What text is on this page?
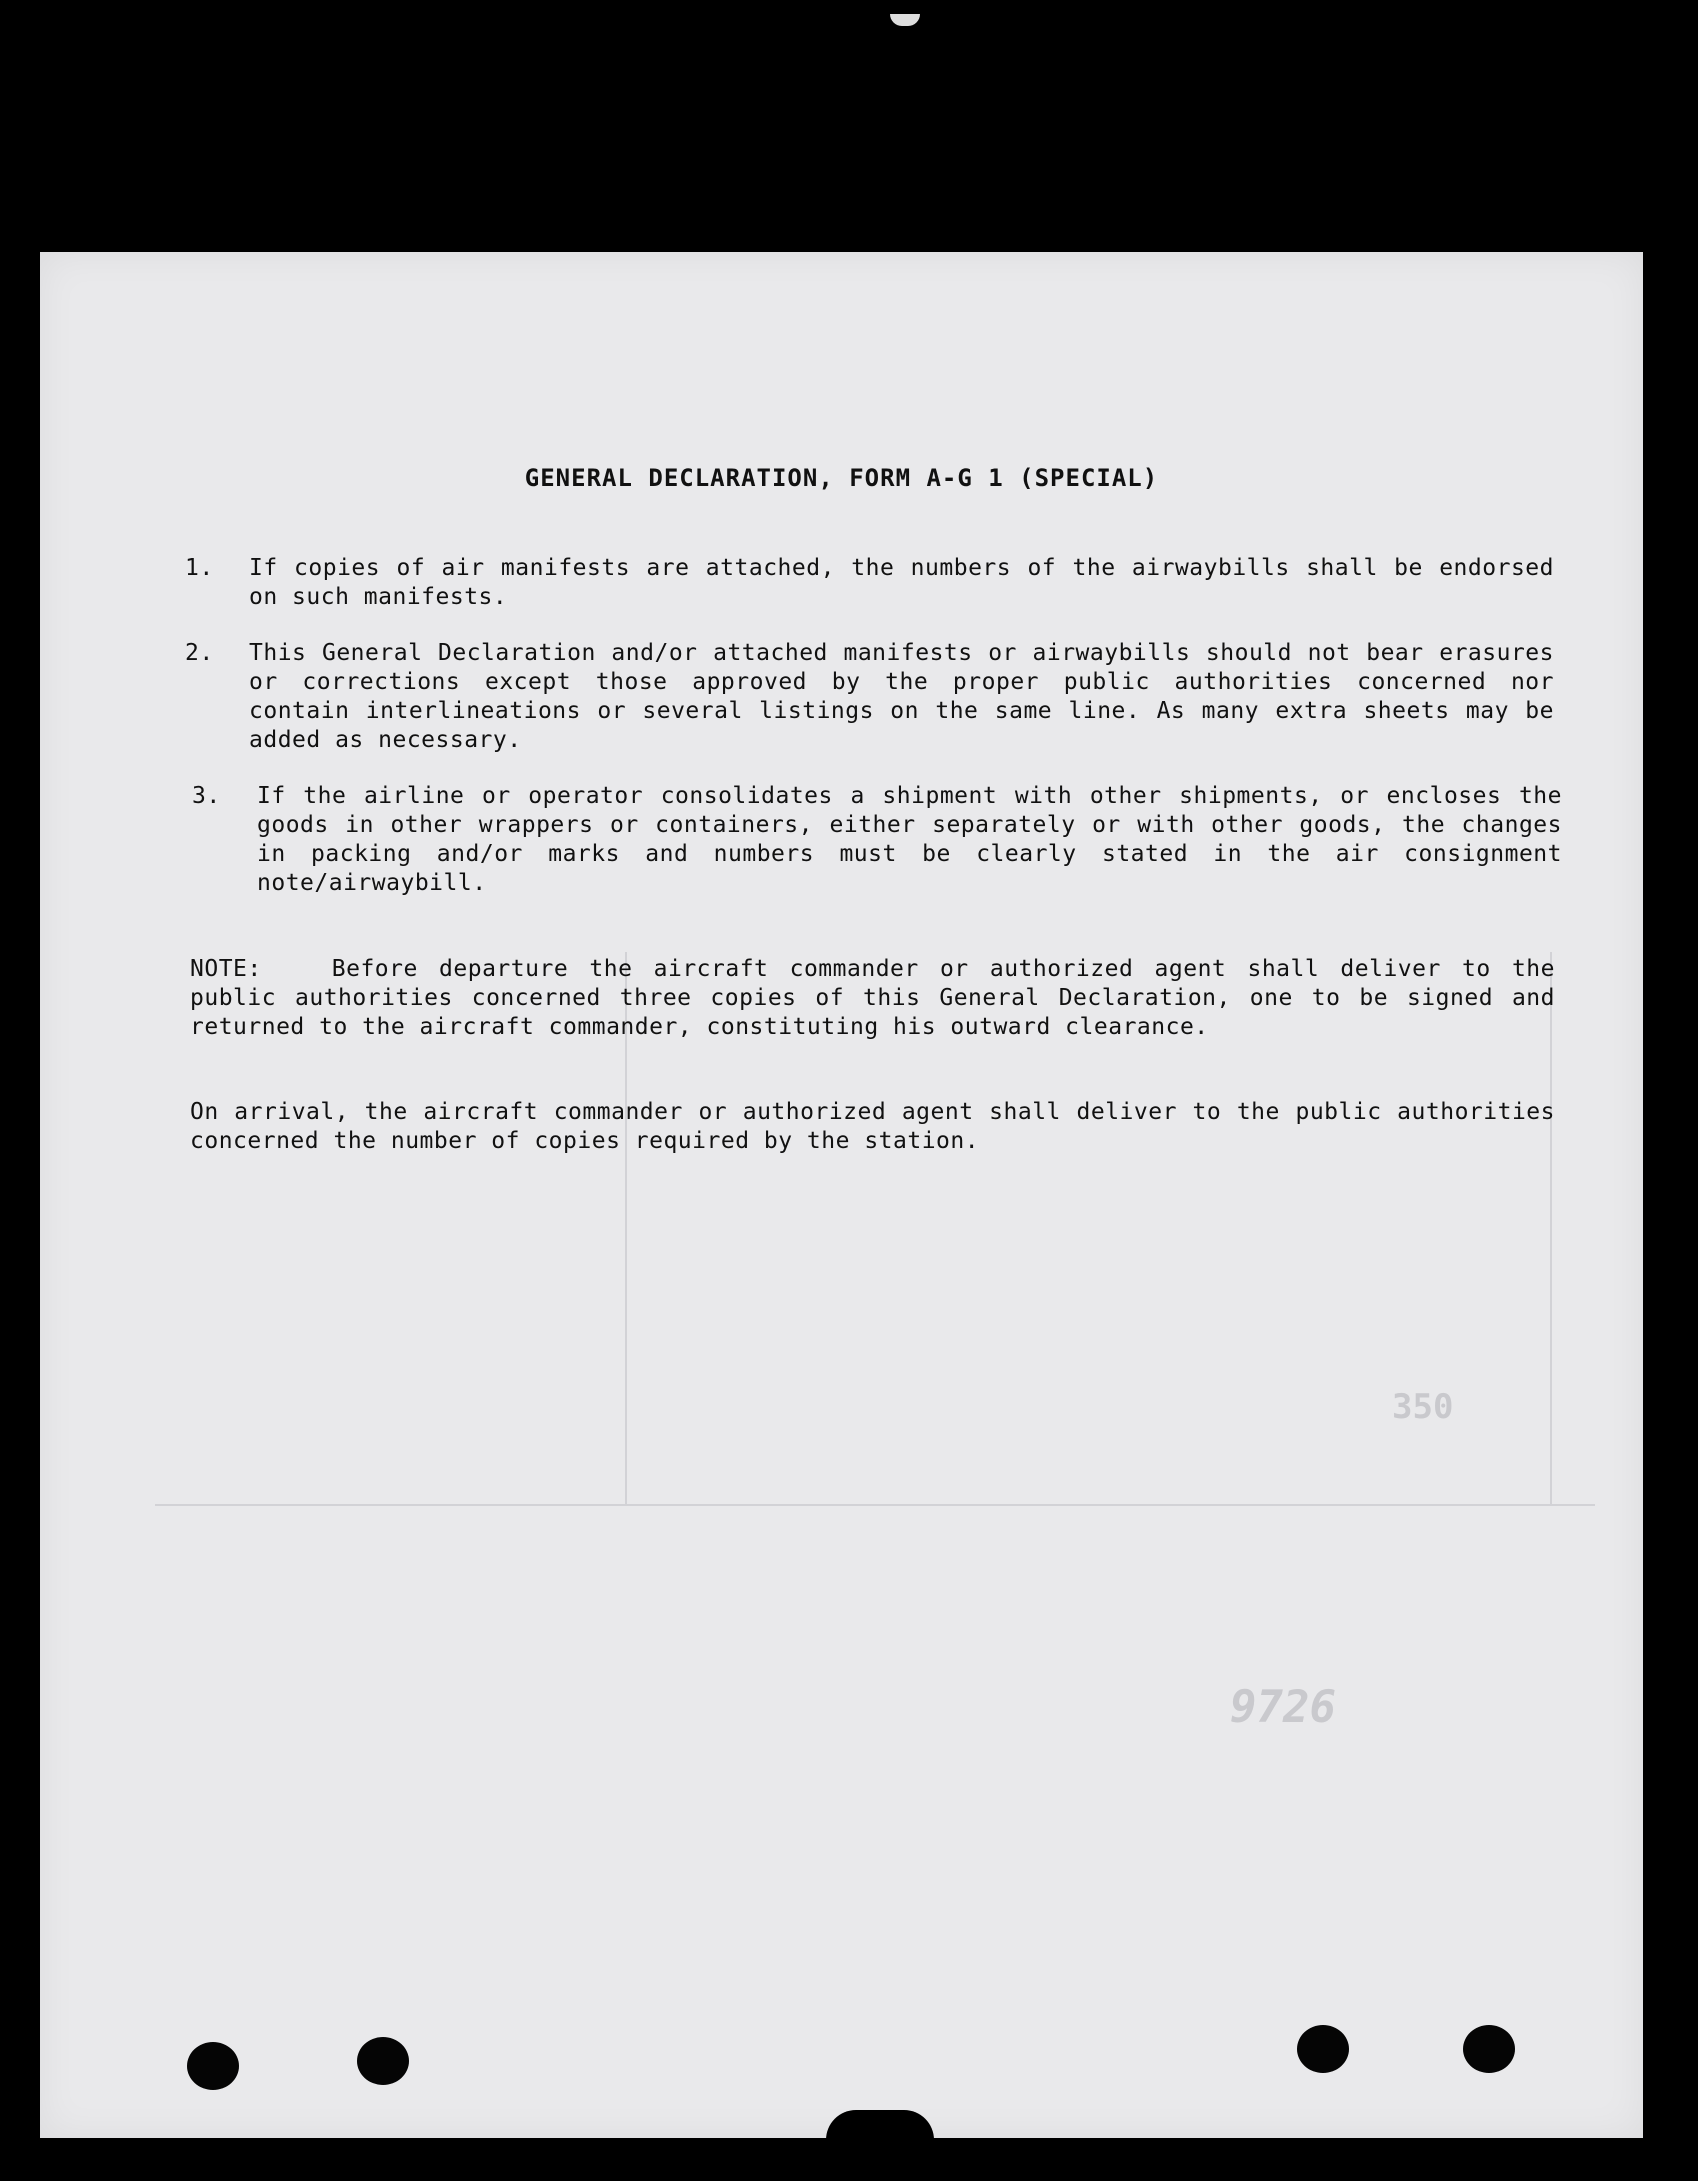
350
9726
GENERAL DECLARATION, FORM A-G 1 (SPECIAL)
1.	If copies of air manifests are attached, the numbers of the airwaybills shall be endorsed on such manifests.
2.	This General Declaration and/or attached manifests or airwaybills should not bear erasures or corrections except those approved by the proper public authorities concerned nor contain interlineations or several listings on the same line. As many extra sheets may be added as necessary.
3.	If the airline or operator consolidates a shipment with other shipments, or encloses the goods in other wrappers or containers, either separately or with other goods, the changes in packing and/or marks and numbers must be clearly stated in the air consignment note/airwaybill.
NOTE:	Before departure the aircraft commander or authorized agent shall deliver to the public authorities concerned three copies of this General Declaration, one to be signed and returned to the aircraft commander, constituting his outward clearance.
On arrival, the aircraft commander or authorized agent shall deliver to the public authorities concerned the number of copies required by the station.
